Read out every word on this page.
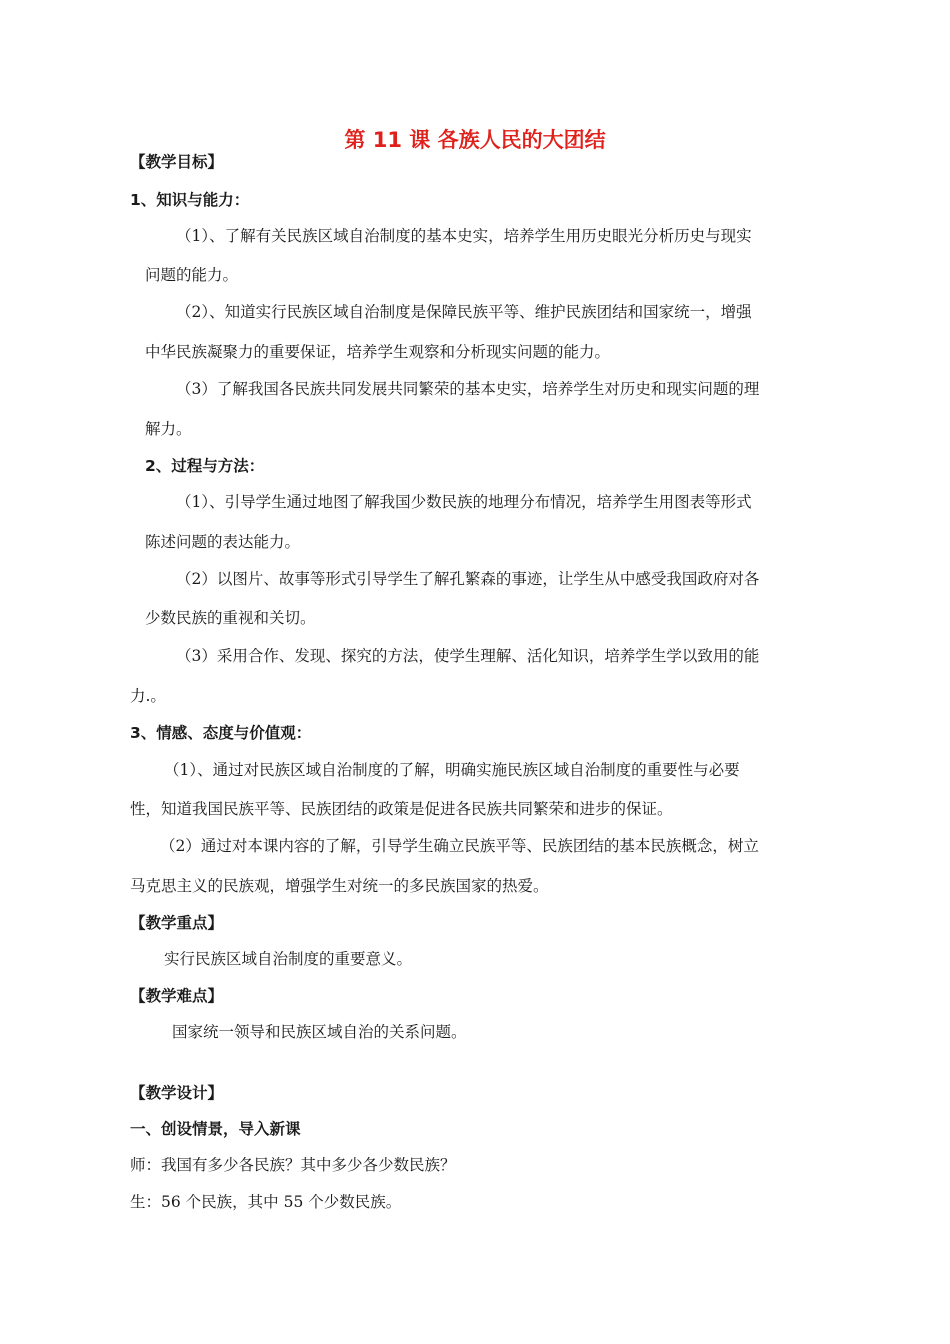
第 11 课 各族人民的大团结
【教学目标】
1、知识与能力：
（1）、了解有关民族区域自治制度的基本史实，培养学生用历史眼光分析历史与现实
问题的能力。
（2）、知道实行民族区域自治制度是保障民族平等、维护民族团结和国家统一，增强
中华民族凝聚力的重要保证，培养学生观察和分析现实问题的能力。
（3）了解我国各民族共同发展共同繁荣的基本史实，培养学生对历史和现实问题的理
解力。
2、过程与方法：
（1）、引导学生通过地图了解我国少数民族的地理分布情况，培养学生用图表等形式
陈述问题的表达能力。
（2）以图片、故事等形式引导学生了解孔繁森的事迹，让学生从中感受我国政府对各
少数民族的重视和关切。
（3）采用合作、发现、探究的方法，使学生理解、活化知识，培养学生学以致用的能
力.。
3、情感、态度与价值观：
（1）、通过对民族区域自治制度的了解，明确实施民族区域自治制度的重要性与必要
性，知道我国民族平等、民族团结的政策是促进各民族共同繁荣和进步的保证。
（2）通过对本课内容的了解，引导学生确立民族平等、民族团结的基本民族概念，树立
马克思主义的民族观，增强学生对统一的多民族国家的热爱。
【教学重点】
实行民族区域自治制度的重要意义。
【教学难点】
国家统一领导和民族区域自治的关系问题。
【教学设计】
一、创设情景，导入新课
师：我国有多少各民族？其中多少各少数民族？
生：56 个民族，其中 55 个少数民族。
